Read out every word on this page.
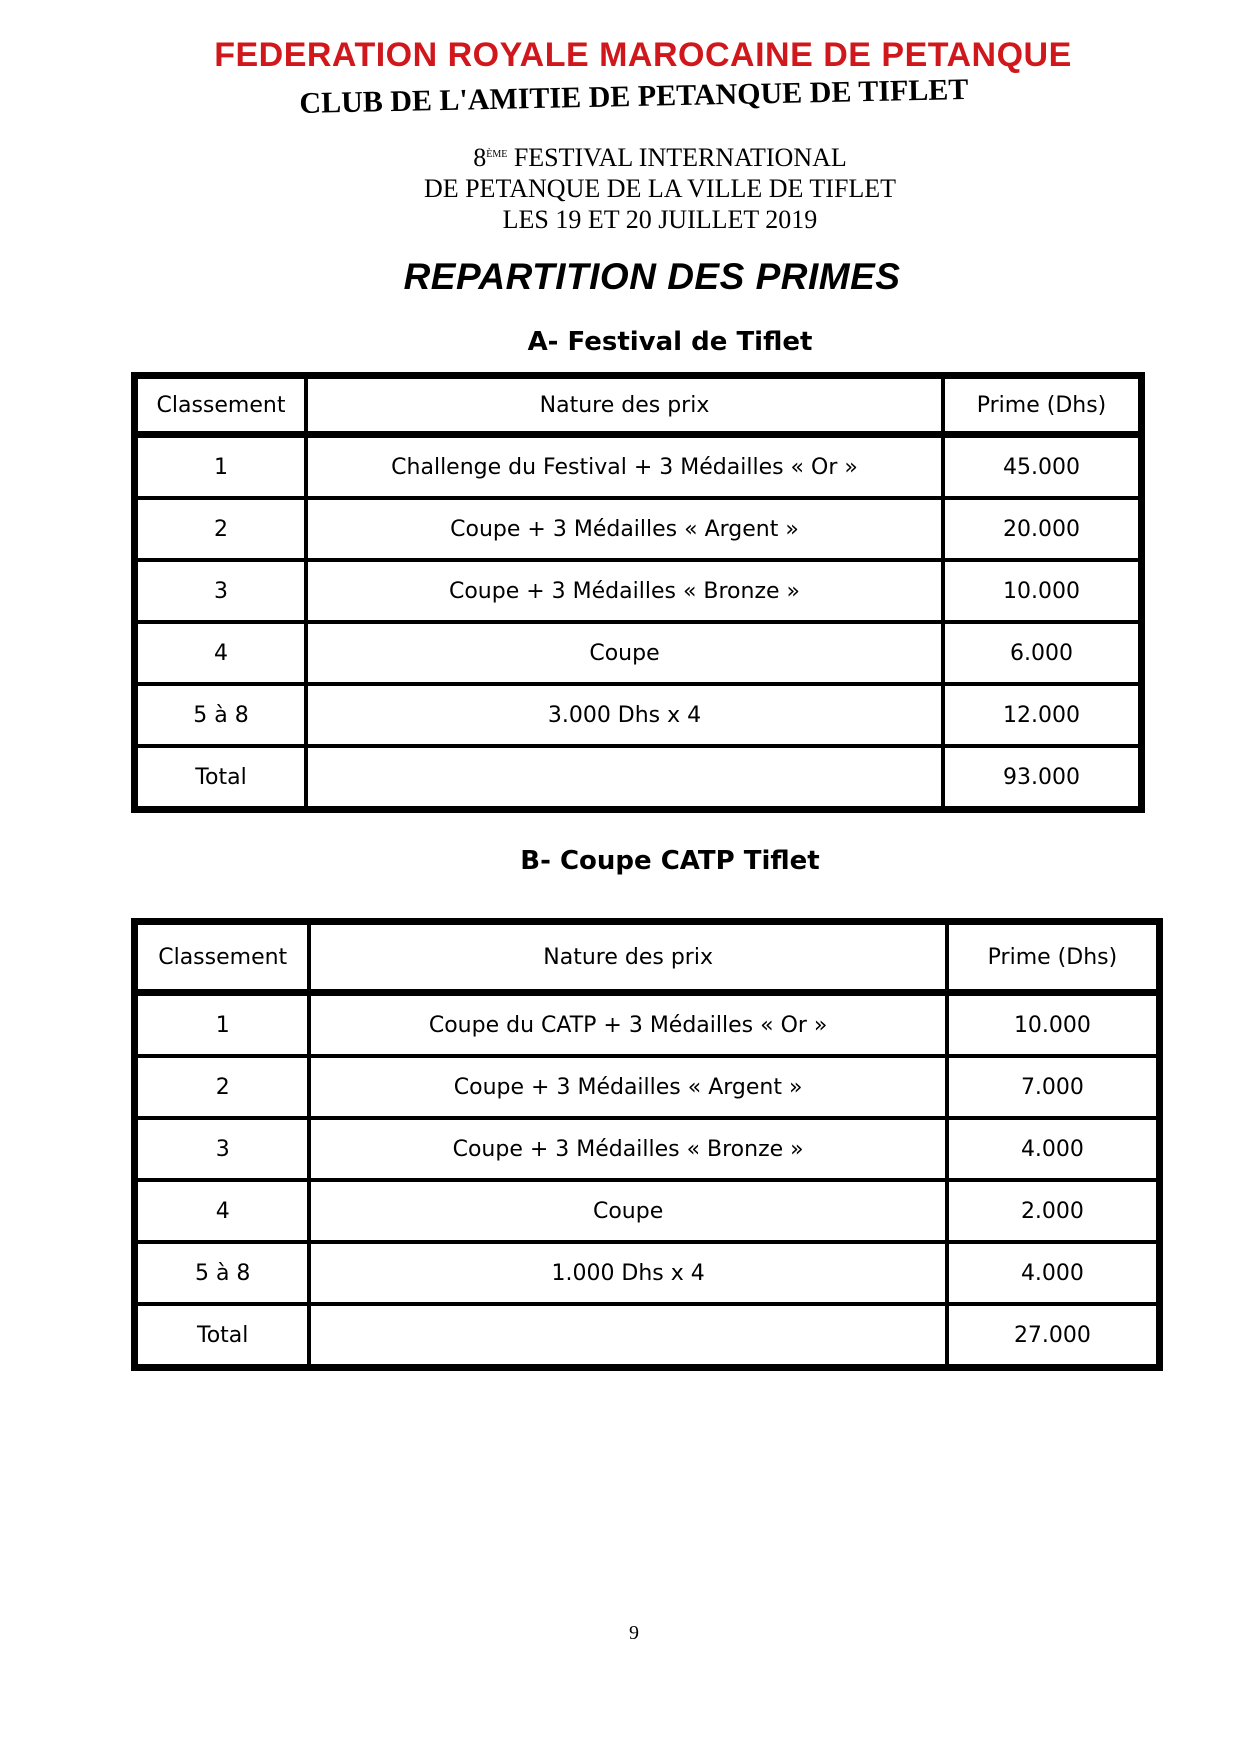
FEDERATION ROYALE MAROCAINE DE PETANQUE
CLUB DE L'AMITIE DE PETANQUE DE TIFLET
8ème FESTIVAL INTERNATIONAL
DE PETANQUE DE LA VILLE DE TIFLET
LES 19 ET 20 JUILLET 2019
REPARTITION DES PRIMES
A- Festival de Tiflet
Classement	Nature des prix	Prime (Dhs)
1	Challenge du Festival + 3 Médailles « Or »	45.000
2	Coupe + 3 Médailles « Argent »	20.000
3	Coupe + 3 Médailles « Bronze »	10.000
4	Coupe	6.000
5 à 8	3.000 Dhs x 4	12.000
Total		93.000
B- Coupe CATP Tiflet
Classement	Nature des prix	Prime (Dhs)
1	Coupe du CATP + 3 Médailles « Or »	10.000
2	Coupe + 3 Médailles « Argent »	7.000
3	Coupe + 3 Médailles « Bronze »	4.000
4	Coupe	2.000
5 à 8	1.000 Dhs x 4	4.000
Total		27.000
9
